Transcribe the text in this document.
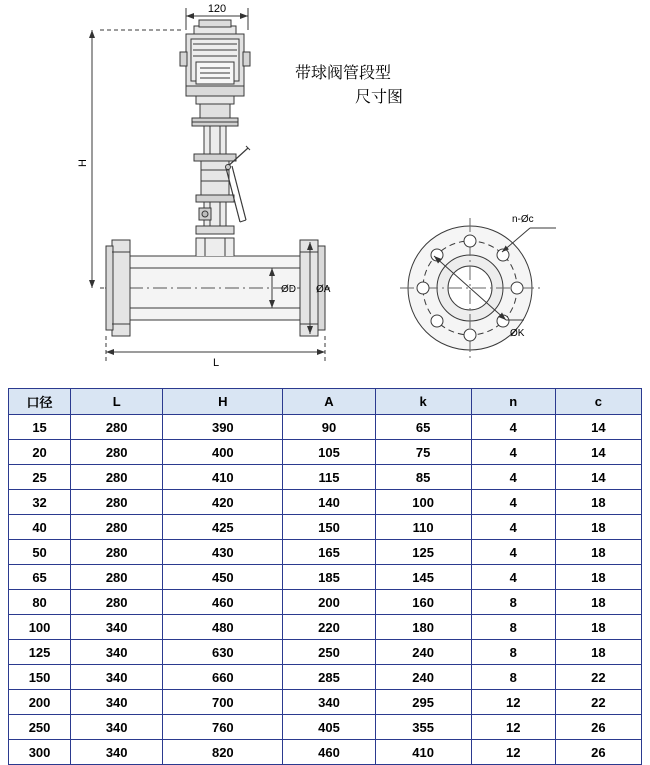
120
H
L
ØD ØA
n-Øc
ØK
带球阀管段型
尺寸图
口径	L	H	A	k	n	c
15	280	390	90	65	4	14
20	280	400	105	75	4	14
25	280	410	115	85	4	14
32	280	420	140	100	4	18
40	280	425	150	110	4	18
50	280	430	165	125	4	18
65	280	450	185	145	4	18
80	280	460	200	160	8	18
100	340	480	220	180	8	18
125	340	630	250	240	8	18
150	340	660	285	240	8	22
200	340	700	340	295	12	22
250	340	760	405	355	12	26
300	340	820	460	410	12	26
